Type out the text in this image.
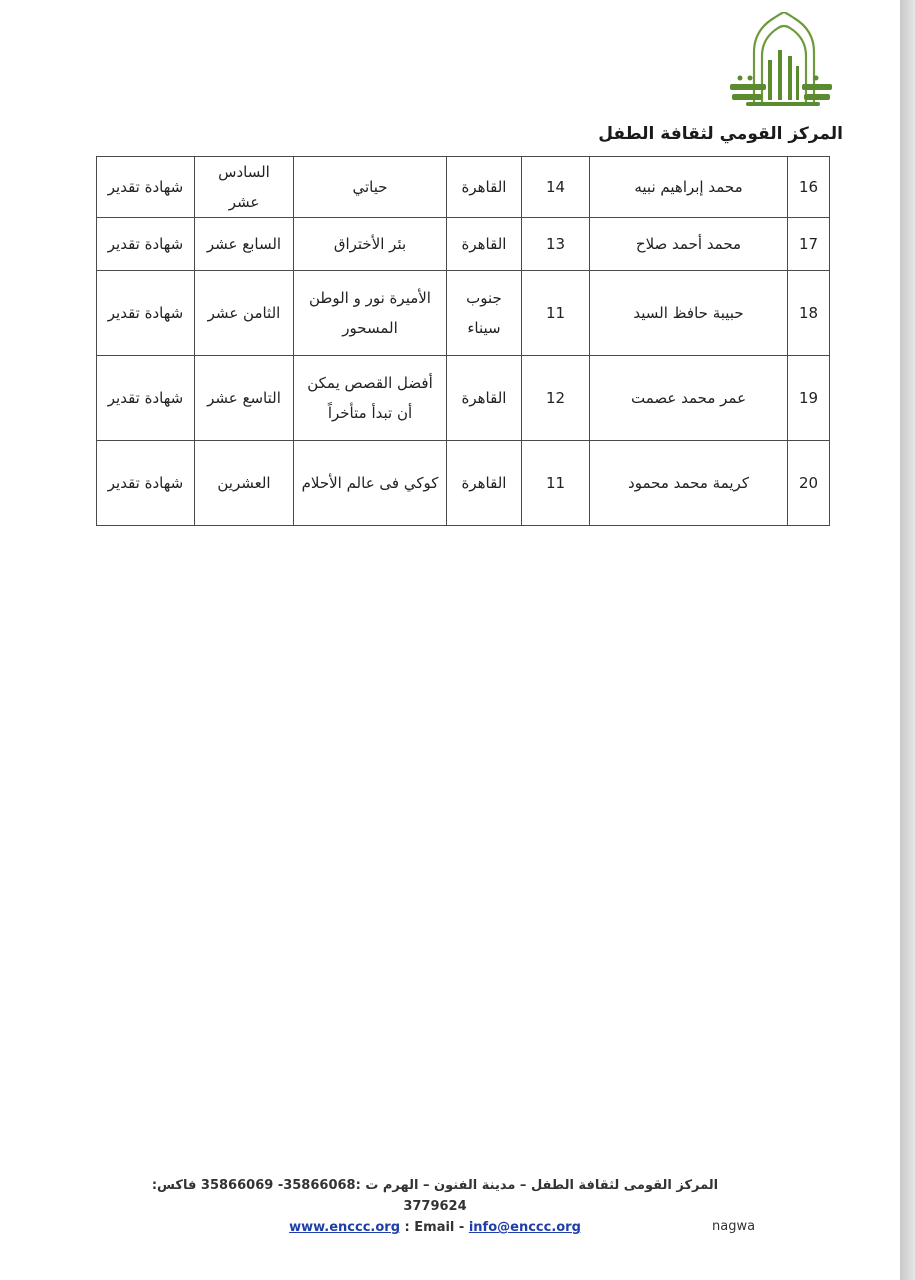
المركز القومي لثقافة الطفل
16	محمد إبراهيم نبيه	14	القاهرة	حياتي	السادس عشر	شهادة تقدير
17	محمد أحمد صلاح	13	القاهرة	بئر الأختراق	السابع عشر	شهادة تقدير
18	حبيبة حافظ السيد	11	جنوب سيناء	الأميرة نور و الوطن المسحور	الثامن عشر	شهادة تقدير
19	عمر محمد عصمت	12	القاهرة	أفضل القصص يمكن أن تبدأ متأخراً	التاسع عشر	شهادة تقدير
20	كريمة محمد محمود	11	القاهرة	كوكي فى عالم الأحلام	العشرين	شهادة تقدير
المركز القومى لثقافة الطفل – مدينة الفنون – الهرم ت :35866068- 35866069 فاكس: 3779624
www.enccc.org : Email - info@enccc.org	nagwa
